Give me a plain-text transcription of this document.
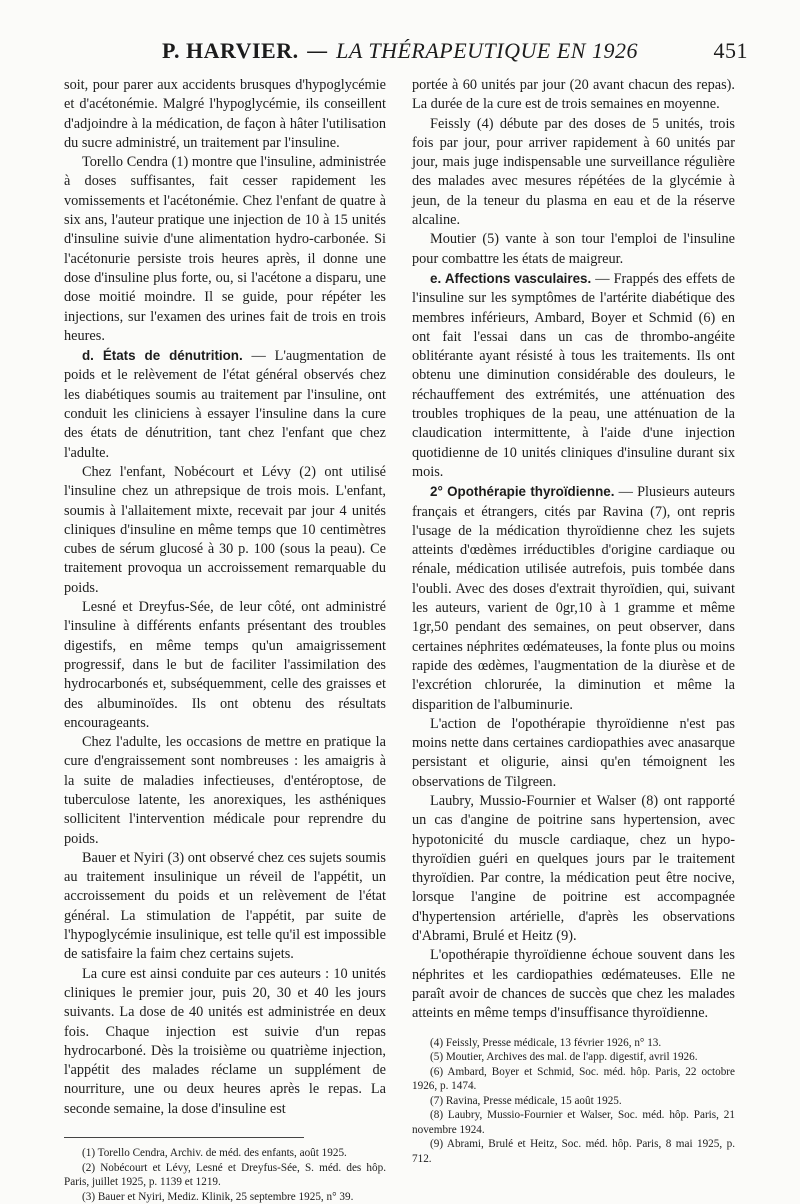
P. HARVIER. — LA THÉRAPEUTIQUE EN 1926	451

soit, pour parer aux accidents brusques d'hypoglycémie et d'acétonémie. Malgré l'hypoglycémie, ils conseillent d'adjoindre à la médication, de façon à hâter l'utilisation du sucre administré, un traitement par l'insuline.

Torello Cendra (1) montre que l'insuline, administrée à doses suffisantes, fait cesser rapidement les vomissements et l'acétonémie. Chez l'enfant de quatre à six ans, l'auteur pratique une injection de 10 à 15 unités d'insuline suivie d'une alimentation hydro-carbonée. Si l'acétonurie persiste trois heures après, il donne une dose d'insuline plus forte, ou, si l'acétone a disparu, une dose moitié moindre. Il se guide, pour répéter les injections, sur l'examen des urines fait de trois en trois heures.

d. États de dénutrition. — L'augmentation de poids et le relèvement de l'état général observés chez les diabétiques soumis au traitement par l'insuline, ont conduit les cliniciens à essayer l'insuline dans la cure des états de dénutrition, tant chez l'enfant que chez l'adulte.

Chez l'enfant, Nobécourt et Lévy (2) ont utilisé l'insuline chez un athrepsique de trois mois. L'enfant, soumis à l'allaitement mixte, recevait par jour 4 unités cliniques d'insuline en même temps que 10 centimètres cubes de sérum glucosé à 30 p. 100 (sous la peau). Ce traitement provoqua un accroissement remarquable du poids.

Lesné et Dreyfus-Sée, de leur côté, ont administré l'insuline à différents enfants présentant des troubles digestifs, en même temps qu'un amaigrissement progressif, dans le but de faciliter l'assimilation des hydrocarbonés et, subséquemment, celle des graisses et des albuminoïdes. Ils ont obtenu des résultats encourageants.

Chez l'adulte, les occasions de mettre en pratique la cure d'engraissement sont nombreuses : les amaigris à la suite de maladies infectieuses, d'entéroptose, de tuberculose latente, les anorexiques, les asthéniques sollicitent l'intervention médicale pour reprendre du poids.

Bauer et Nyiri (3) ont observé chez ces sujets soumis au traitement insulinique un réveil de l'appétit, un accroissement du poids et un relèvement de l'état général. La stimulation de l'appétit, par suite de l'hypoglycémie insulinique, est telle qu'il est impossible de satisfaire la faim chez certains sujets.

La cure est ainsi conduite par ces auteurs : 10 unités cliniques le premier jour, puis 20, 30 et 40 les jours suivants. La dose de 40 unités est administrée en deux fois. Chaque injection est suivie d'un repas hydrocarboné. Dès la troisième ou quatrième injection, l'appétit des malades réclame un supplément de nourriture, une ou deux heures après le repas. La seconde semaine, la dose d'insuline est

(1) Torello Cendra, Archiv. de méd. des enfants, août 1925.

(2) Nobécourt et Lévy, Lesné et Dreyfus-Sée, S. méd. des hôp. Paris, juillet 1925, p. 1139 et 1219.

(3) Bauer et Nyiri, Mediz. Klinik, 25 septembre 1925, n° 39.

portée à 60 unités par jour (20 avant chacun des repas). La durée de la cure est de trois semaines en moyenne.

Feissly (4) débute par des doses de 5 unités, trois fois par jour, pour arriver rapidement à 60 unités par jour, mais juge indispensable une surveillance régulière des malades avec mesures répétées de la glycémie à jeun, de la teneur du plasma en eau et de la réserve alcaline.

Moutier (5) vante à son tour l'emploi de l'insuline pour combattre les états de maigreur.

e. Affections vasculaires. — Frappés des effets de l'insuline sur les symptômes de l'artérite diabétique des membres inférieurs, Ambard, Boyer et Schmid (6) en ont fait l'essai dans un cas de thrombo-angéite oblitérante ayant résisté à tous les traitements. Ils ont obtenu une diminution considérable des douleurs, le réchauffement des extrémités, une atténuation des troubles trophiques de la peau, une atténuation de la claudication intermittente, à l'aide d'une injection quotidienne de 10 unités cliniques d'insuline durant six mois.

2° Opothérapie thyroïdienne. — Plusieurs auteurs français et étrangers, cités par Ravina (7), ont repris l'usage de la médication thyroïdienne chez les sujets atteints d'œdèmes irréductibles d'origine cardiaque ou rénale, médication utilisée autrefois, puis tombée dans l'oubli. Avec des doses d'extrait thyroïdien, qui, suivant les auteurs, varient de 0gr,10 à 1 gramme et même 1gr,50 pendant des semaines, on peut observer, dans certaines néphrites œdémateuses, la fonte plus ou moins rapide des œdèmes, l'augmentation de la diurèse et de l'excrétion chlorurée, la diminution et même la disparition de l'albuminurie.

L'action de l'opothérapie thyroïdienne n'est pas moins nette dans certaines cardiopathies avec anasarque persistant et oligurie, ainsi qu'en témoignent les observations de Tilgreen.

Laubry, Mussio-Fournier et Walser (8) ont rapporté un cas d'angine de poitrine sans hypertension, avec hypotonicité du muscle cardiaque, chez un hypo-thyroïdien guéri en quelques jours par le traitement thyroïdien. Par contre, la médication peut être nocive, lorsque l'angine de poitrine est accompagnée d'hypertension artérielle, d'après les observations d'Abrami, Brulé et Heitz (9).

L'opothérapie thyroïdienne échoue souvent dans les néphrites et les cardiopathies œdémateuses. Elle ne paraît avoir de chances de succès que chez les malades atteints en même temps d'insuffisance thyroïdienne.

(4) Feissly, Presse médicale, 13 février 1926, n° 13.

(5) Moutier, Archives des mal. de l'app. digestif, avril 1926.

(6) Ambard, Boyer et Schmid, Soc. méd. hôp. Paris, 22 octobre 1926, p. 1474.

(7) Ravina, Presse médicale, 15 août 1925.

(8) Laubry, Mussio-Fournier et Walser, Soc. méd. hôp. Paris, 21 novembre 1924.

(9) Abrami, Brulé et Heitz, Soc. méd. hôp. Paris, 8 mai 1925, p. 712.
